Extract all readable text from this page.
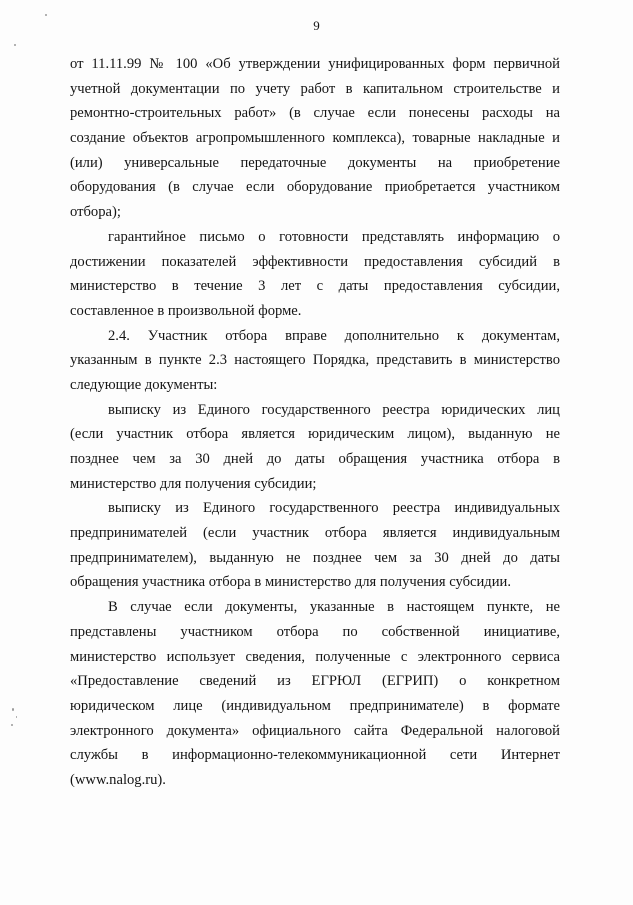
9
от 11.11.99 № 100 «Об утверждении унифицированных форм первичной
учетной документации по учету работ в капитальном строительстве и
ремонтно-строительных работ» (в случае если понесены расходы на
создание объектов агропромышленного комплекса), товарные накладные и
(или) универсальные передаточные документы на приобретение
оборудования (в случае если оборудование приобретается участником
отбора);
гарантийное письмо о готовности представлять информацию о
достижении показателей эффективности предоставления субсидий в
министерство в течение 3 лет с даты предоставления субсидии,
составленное в произвольной форме.
2.4. Участник отбора вправе дополнительно к документам,
указанным в пункте 2.3 настоящего Порядка, представить в министерство
следующие документы:
выписку из Единого государственного реестра юридических лиц
(если участник отбора является юридическим лицом), выданную не
позднее чем за 30 дней до даты обращения участника отбора в
министерство для получения субсидии;
выписку из Единого государственного реестра индивидуальных
предпринимателей (если участник отбора является индивидуальным
предпринимателем), выданную не позднее чем за 30 дней до даты
обращения участника отбора в министерство для получения субсидии.
В случае если документы, указанные в настоящем пункте, не
представлены участником отбора по собственной инициативе,
министерство использует сведения, полученные с электронного сервиса
«Предоставление сведений из ЕГРЮЛ (ЕГРИП) о конкретном
юридическом лице (индивидуальном предпринимателе) в формате
электронного документа» официального сайта Федеральной налоговой
службы в информационно-телекоммуникационной сети Интернет
(www.nalog.ru).
